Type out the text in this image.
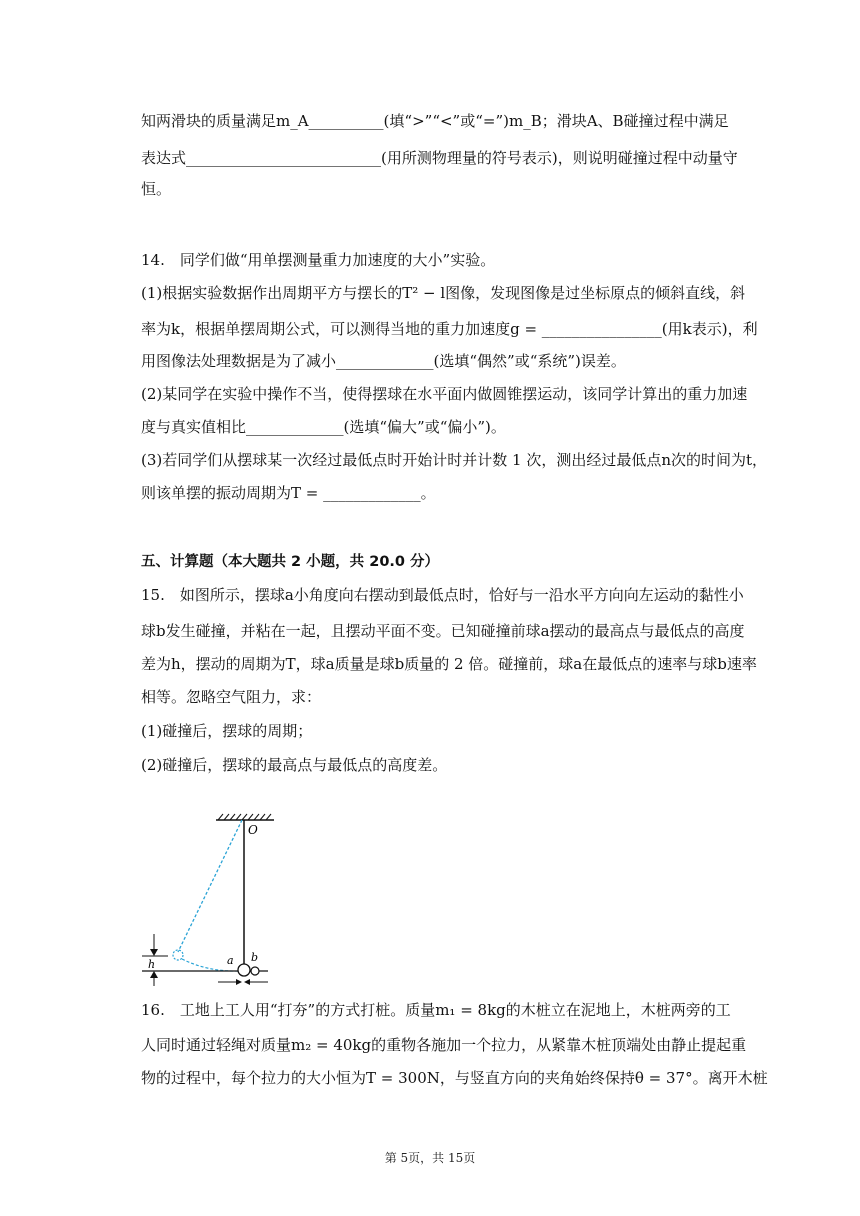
知两滑块的质量满足m_A__________(填“>”“<”或“=”)m_B；滑块A、B碰撞过程中满足
表达式__________________________(用所测物理量的符号表示)，则说明碰撞过程中动量守
恒。
14.　同学们做“用单摆测量重力加速度的大小”实验。
(1)根据实验数据作出周期平方与摆长的T² − l图像，发现图像是过坐标原点的倾斜直线，斜
率为k，根据单摆周期公式，可以测得当地的重力加速度g = ________________(用k表示)，利
用图像法处理数据是为了减小_____________(选填“偶然”或“系统”)误差。
(2)某同学在实验中操作不当，使得摆球在水平面内做圆锥摆运动，该同学计算出的重力加速
度与真实值相比_____________(选填“偏大”或“偏小”)。
(3)若同学们从摆球某一次经过最低点时开始计时并计数 1 次，测出经过最低点n次的时间为t，
则该单摆的振动周期为T = _____________。
五、计算题（本大题共 2 小题，共 20.0 分）
15.　如图所示，摆球a小角度向右摆动到最低点时，恰好与一沿水平方向向左运动的黏性小
球b发生碰撞，并粘在一起，且摆动平面不变。已知碰撞前球a摆动的最高点与最低点的高度
差为h，摆动的周期为T，球a质量是球b质量的 2 倍。碰撞前，球a在最低点的速率与球b速率
相等。忽略空气阻力，求：
(1)碰撞后，摆球的周期；
(2)碰撞后，摆球的最高点与最低点的高度差。
O
h	a b
16.　工地上工人用“打夯”的方式打桩。质量m₁ = 8kg的木桩立在泥地上，木桩两旁的工
人同时通过轻绳对质量m₂ = 40kg的重物各施加一个拉力，从紧靠木桩顶端处由静止提起重
物的过程中，每个拉力的大小恒为T = 300N，与竖直方向的夹角始终保持θ = 37°。离开木桩
第 5页，共 15页
